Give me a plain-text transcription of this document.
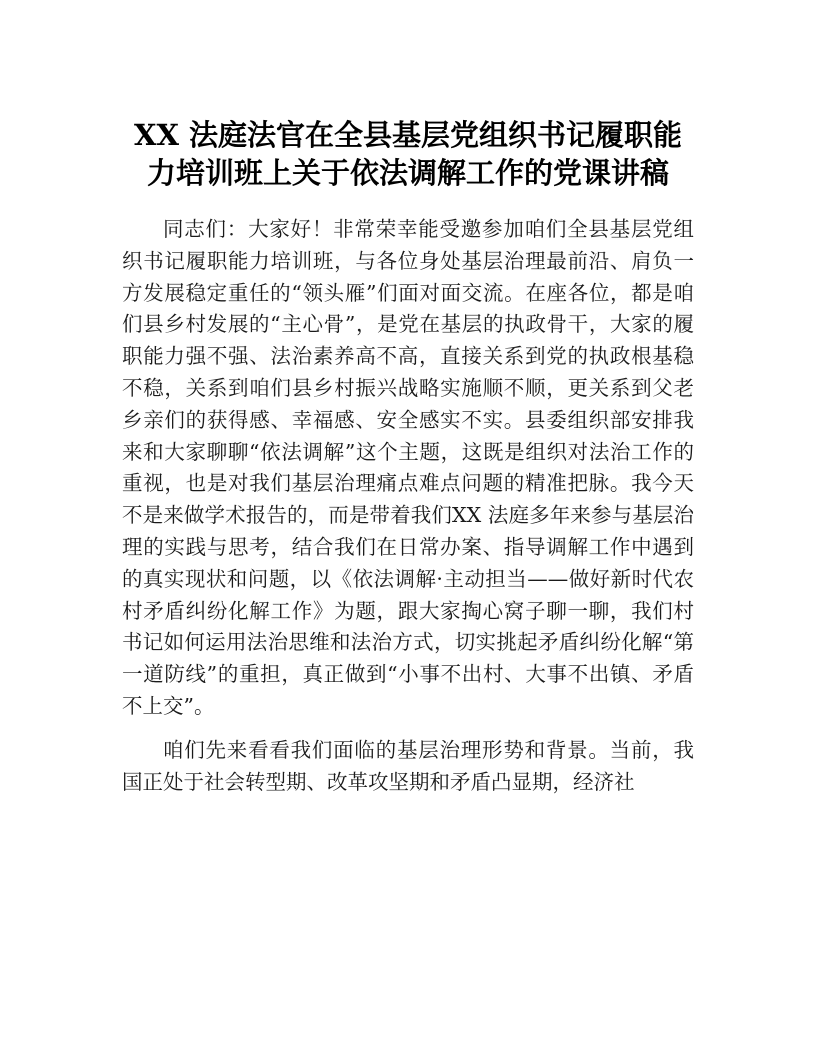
XX 法庭法官在全县基层党组织书记履职能
力培训班上关于依法调解工作的党课讲稿

同志们：大家好！非常荣幸能受邀参加咱们全县基层党组织书记履职能力培训班，与各位身处基层治理最前沿、肩负一方发展稳定重任的“领头雁”们面对面交流。在座各位，都是咱们县乡村发展的“主心骨”，是党在基层的执政骨干，大家的履职能力强不强、法治素养高不高，直接关系到党的执政根基稳不稳，关系到咱们县乡村振兴战略实施顺不顺，更关系到父老乡亲们的获得感、幸福感、安全感实不实。县委组织部安排我来和大家聊聊“依法调解”这个主题，这既是组织对法治工作的重视，也是对我们基层治理痛点难点问题的精准把脉。我今天不是来做学术报告的，而是带着我们XX 法庭多年来参与基层治理的实践与思考，结合我们在日常办案、指导调解工作中遇到的真实现状和问题，以《依法调解·主动担当——做好新时代农村矛盾纠纷化解工作》为题，跟大家掏心窝子聊一聊，我们村书记如何运用法治思维和法治方式，切实挑起矛盾纠纷化解“第一道防线”的重担，真正做到“小事不出村、大事不出镇、矛盾不上交”。

咱们先来看看我们面临的基层治理形势和背景。当前，我国正处于社会转型期、改革攻坚期和矛盾凸显期，经济社
